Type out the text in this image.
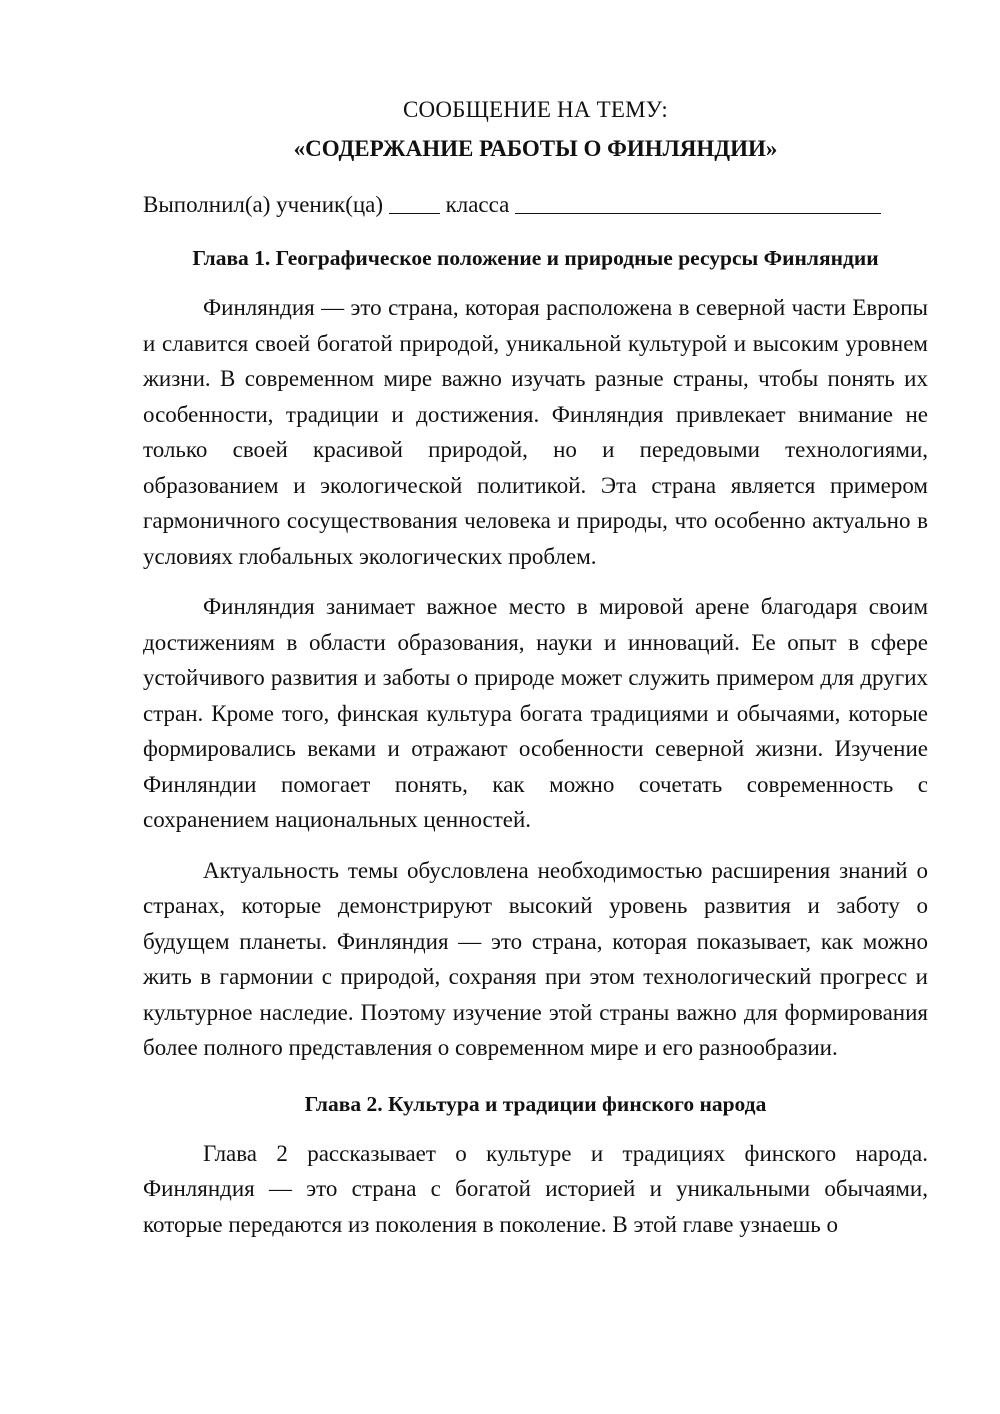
СООБЩЕНИЕ НА ТЕМУ:
«СОДЕРЖАНИЕ РАБОТЫ О ФИНЛЯНДИИ»

Выполнил(а) ученик(ца)	класса

Глава 1. Географическое положение и природные ресурсы Финляндии

Финляндия — это страна, которая расположена в северной части Европы и славится своей богатой природой, уникальной культурой и высоким уровнем жизни. В современном мире важно изучать разные страны, чтобы понять их особенности, традиции и достижения. Финляндия привлекает внимание не только своей красивой природой, но и передовыми технологиями, образованием и экологической политикой. Эта страна является примером гармоничного сосуществования человека и природы, что особенно актуально в условиях глобальных экологических проблем.

Финляндия занимает важное место в мировой арене благодаря своим достижениям в области образования, науки и инноваций. Ее опыт в сфере устойчивого развития и заботы о природе может служить примером для других стран. Кроме того, финская культура богата традициями и обычаями, которые формировались веками и отражают особенности северной жизни. Изучение Финляндии помогает понять, как можно сочетать современность с сохранением национальных ценностей.

Актуальность темы обусловлена необходимостью расширения знаний о странах, которые демонстрируют высокий уровень развития и заботу о будущем планеты. Финляндия — это страна, которая показывает, как можно жить в гармонии с природой, сохраняя при этом технологический прогресс и культурное наследие. Поэтому изучение этой страны важно для формирования более полного представления о современном мире и его разнообразии.

Глава 2. Культура и традиции финского народа

Глава 2 рассказывает о культуре и традициях финского народа. Финляндия — это страна с богатой историей и уникальными обычаями, которые передаются из поколения в поколение. В этой главе узнаешь о
